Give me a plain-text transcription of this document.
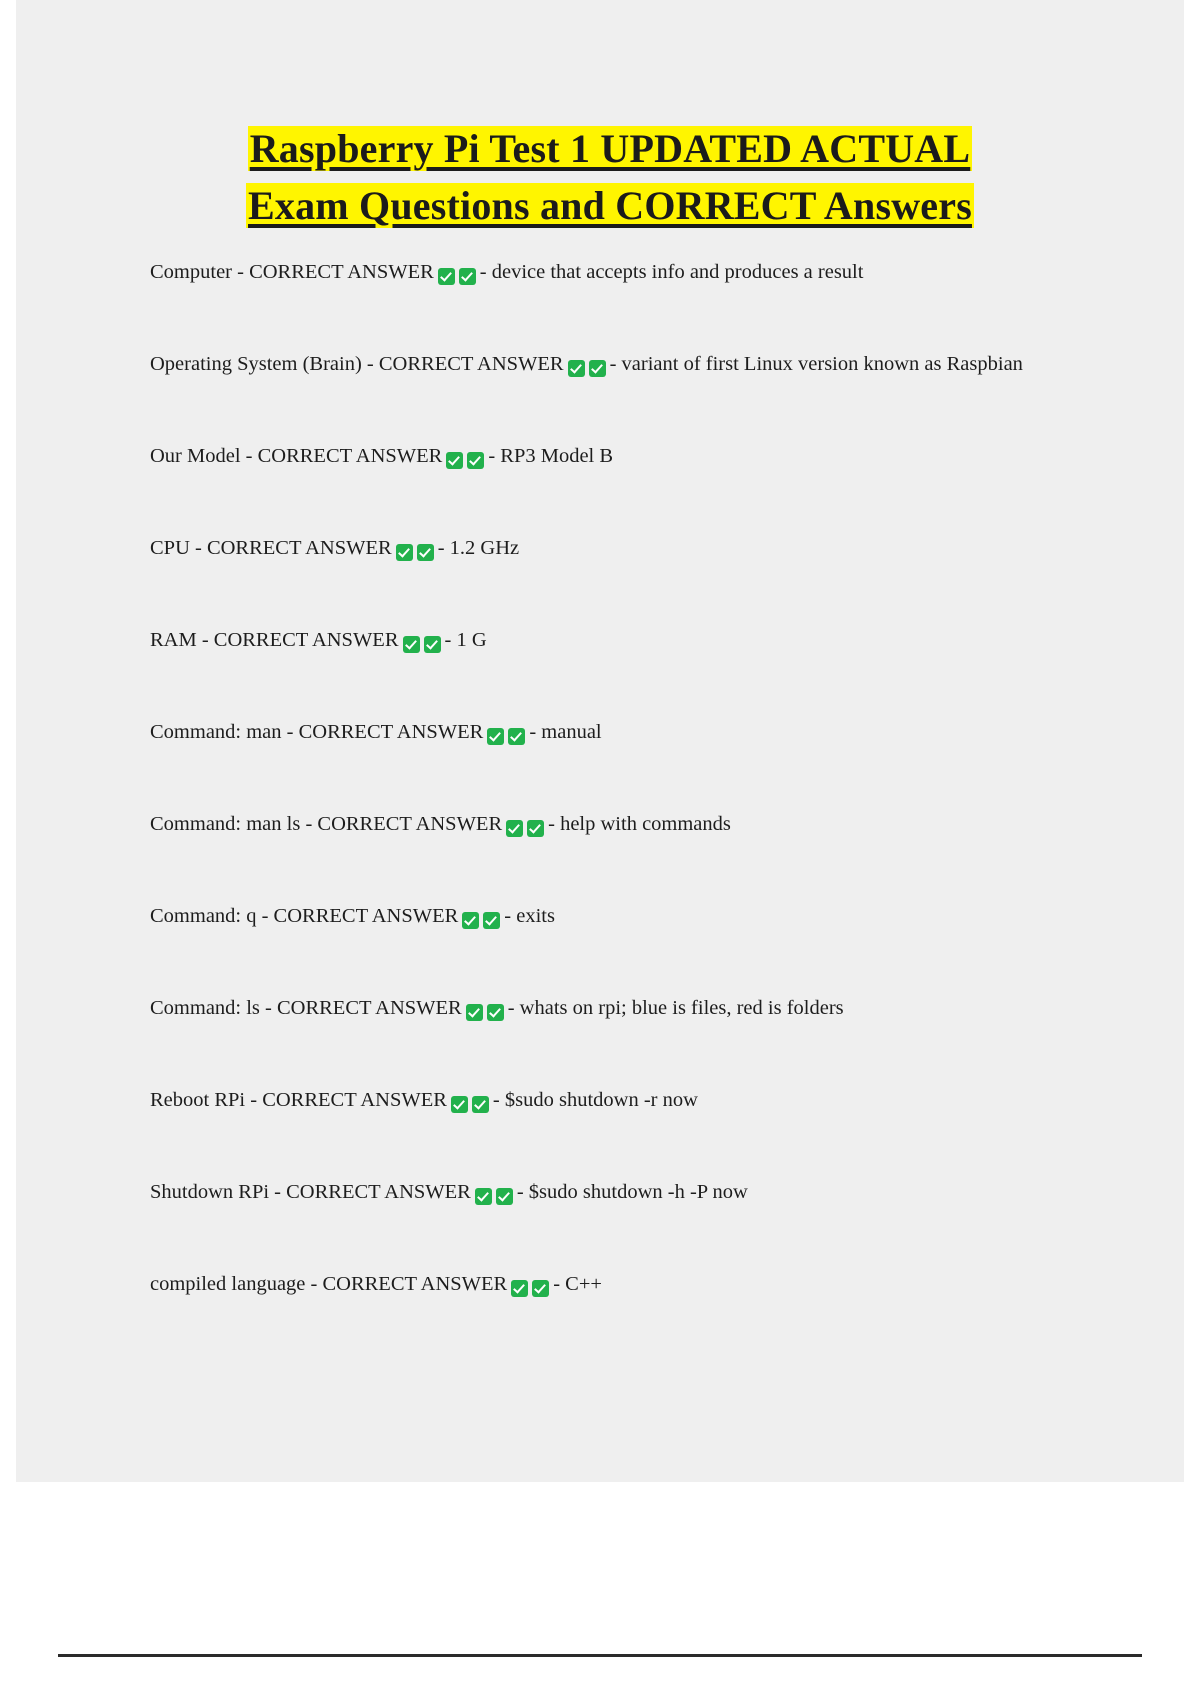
Raspberry Pi Test 1 UPDATED ACTUAL
Exam Questions and CORRECT Answers

Computer - CORRECT ANSWER - device that accepts info and produces a result

Operating System (Brain) - CORRECT ANSWER - variant of first Linux version known as Raspbian

Our Model - CORRECT ANSWER - RP3 Model B

CPU - CORRECT ANSWER - 1.2 GHz

RAM - CORRECT ANSWER - 1 G

Command: man - CORRECT ANSWER - manual

Command: man ls - CORRECT ANSWER - help with commands

Command: q - CORRECT ANSWER - exits

Command: ls - CORRECT ANSWER - whats on rpi; blue is files, red is folders

Reboot RPi - CORRECT ANSWER - $sudo shutdown -r now

Shutdown RPi - CORRECT ANSWER - $sudo shutdown -h -P now

compiled language - CORRECT ANSWER - C++
